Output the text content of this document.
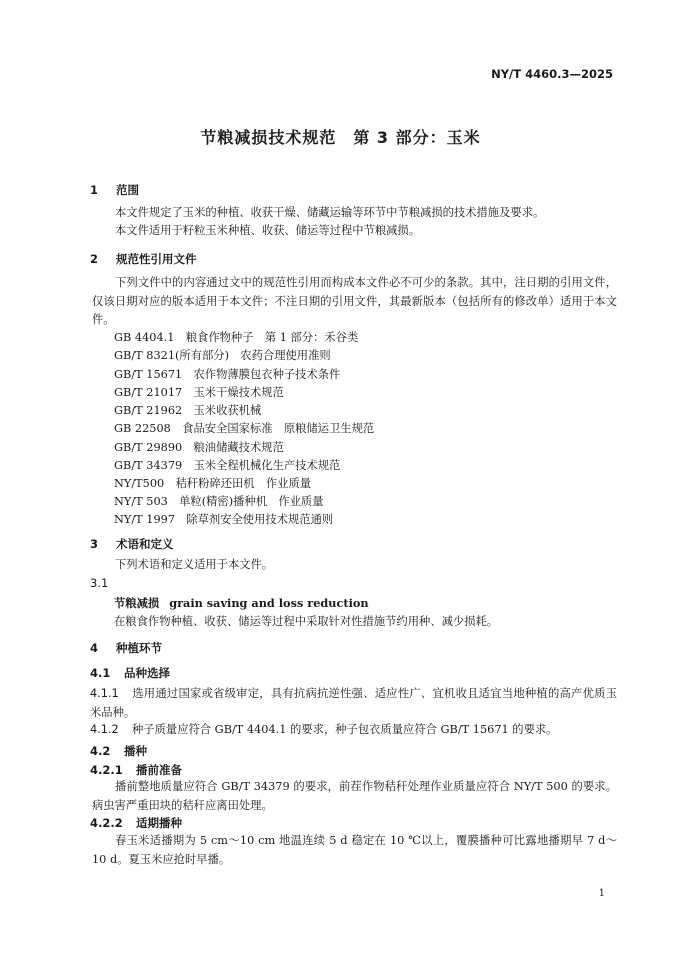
NY/T 4460.3—2025
节粮减损技术规范　第 3 部分：玉米
1 范围
本文件规定了玉米的种植、收获干燥、储藏运输等环节中节粮减损的技术措施及要求。
本文件适用于籽粒玉米种植、收获、储运等过程中节粮减损。
2 规范性引用文件
下列文件中的内容通过文中的规范性引用而构成本文件必不可少的条款。其中，注日期的引用文件，仅该日期对应的版本适用于本文件；不注日期的引用文件，其最新版本（包括所有的修改单）适用于本文件。
GB 4404.1　粮食作物种子　第 1 部分：禾谷类
GB/T 8321(所有部分)　农药合理使用准则
GB/T 15671　农作物薄膜包衣种子技术条件
GB/T 21017　玉米干燥技术规范
GB/T 21962　玉米收获机械
GB 22508　食品安全国家标准　原粮储运卫生规范
GB/T 29890　粮油储藏技术规范
GB/T 34379　玉米全程机械化生产技术规范
NY/T500　秸秆粉碎还田机　作业质量
NY/T 503　单粒(精密)播种机　作业质量
NY/T 1997　除草剂安全使用技术规范通则
3 术语和定义
下列术语和定义适用于本文件。
3.1
节粮减损 grain saving and loss reduction
在粮食作物种植、收获、储运等过程中采取针对性措施节约用种、减少损耗。
4 种植环节
4.1 品种选择
4.1.1 选用通过国家或省级审定，具有抗病抗逆性强、适应性广、宜机收且适宜当地种植的高产优质玉米品种。
4.1.2 种子质量应符合 GB/T 4404.1 的要求，种子包衣质量应符合 GB/T 15671 的要求。
4.2 播种
4.2.1 播前准备
播前整地质量应符合 GB/T 34379 的要求，前茬作物秸秆处理作业质量应符合 NY/T 500 的要求。病虫害严重田块的秸秆应离田处理。
4.2.2 适期播种
春玉米适播期为 5 cm～10 cm 地温连续 5 d 稳定在 10 ℃以上，覆膜播种可比露地播期早 7 d～10 d。夏玉米应抢时早播。
1
